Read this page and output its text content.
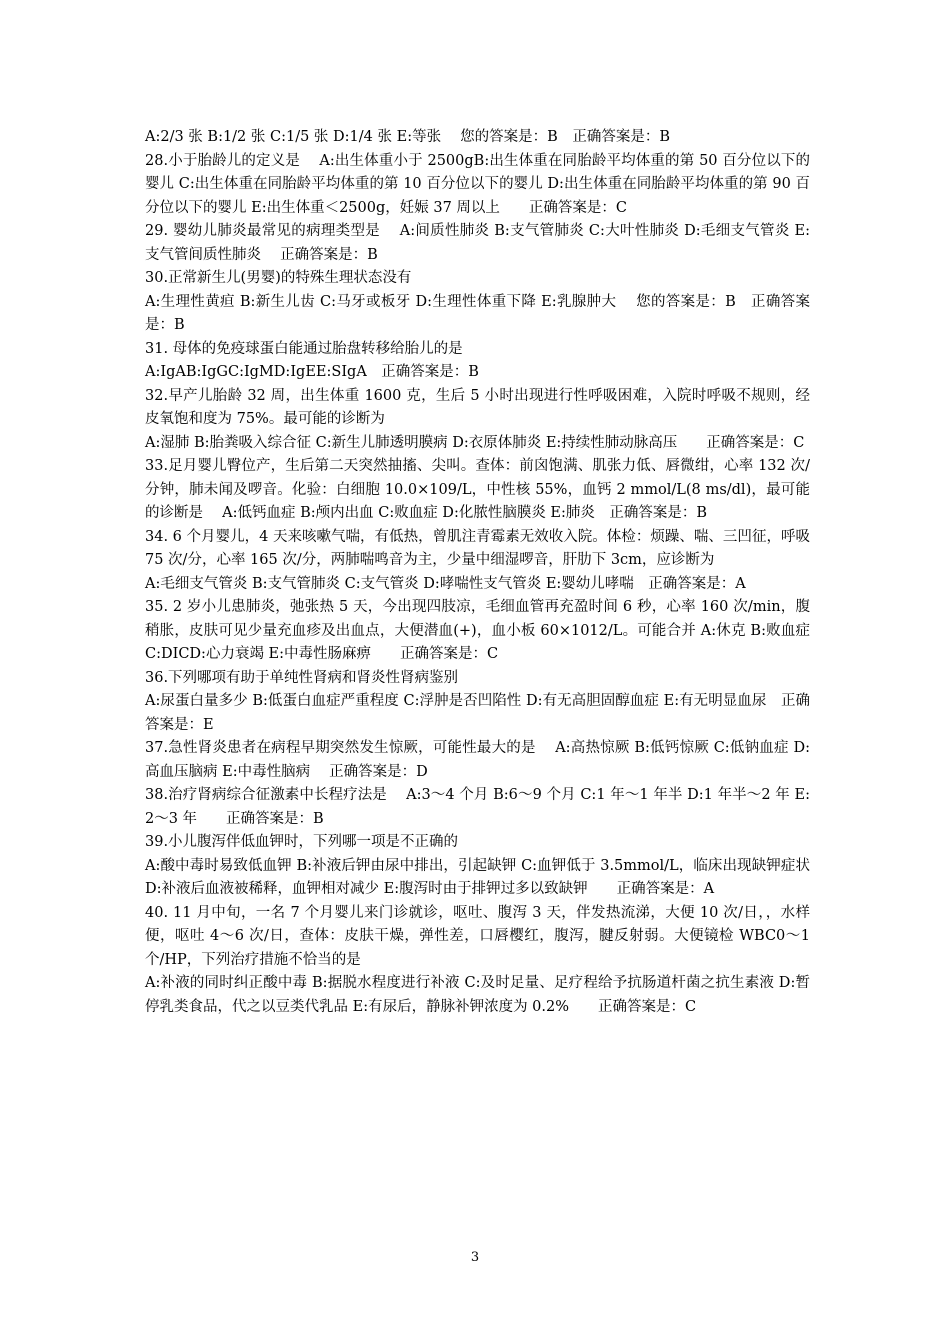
A:2/3 张 B:1/2 张 C:1/5 张 D:1/4 张 E:等张　 您的答案是：B　正确答案是：B

28.小于胎龄儿的定义是　 A:出生体重小于 2500gB:出生体重在同胎龄平均体重的第 50 百分位以下的婴儿 C:出生体重在同胎龄平均体重的第 10 百分位以下的婴儿 D:出生体重在同胎龄平均体重的第 90 百分位以下的婴儿 E:出生体重＜2500g，妊娠 37 周以上　　正确答案是：C

29. 婴幼儿肺炎最常见的病理类型是　 A:间质性肺炎 B:支气管肺炎 C:大叶性肺炎 D:毛细支气管炎 E:支气管间质性肺炎　 正确答案是：B

30.正常新生儿(男婴)的特殊生理状态没有

A:生理性黄疸 B:新生儿齿 C:马牙或板牙 D:生理性体重下降 E:乳腺肿大　 您的答案是：B　正确答案是：B

31. 母体的免疫球蛋白能通过胎盘转移给胎儿的是

A:IgAB:IgGC:IgMD:IgEE:SIgA　正确答案是：B

32.早产儿胎龄 32 周，出生体重 1600 克，生后 5 小时出现进行性呼吸困难，入院时呼吸不规则，经皮氧饱和度为 75%。最可能的诊断为

A:湿肺 B:胎粪吸入综合征 C:新生儿肺透明膜病 D:衣原体肺炎 E:持续性肺动脉高压　　正确答案是：C

33.足月婴儿臀位产，生后第二天突然抽搐、尖叫。查体：前囟饱满、肌张力低、唇微绀，心率 132 次/分钟，肺未闻及啰音。化验：白细胞 10.0×109/L，中性核 55%，血钙 2 mmol/L(8 ms/dl)，最可能的诊断是　 A:低钙血症 B:颅内出血 C:败血症 D:化脓性脑膜炎 E:肺炎　正确答案是：B

34. 6 个月婴儿，4 天来咳嗽气喘，有低热，曾肌注青霉素无效收入院。体检：烦躁、喘、三凹征，呼吸 75 次/分，心率 165 次/分，两肺喘鸣音为主，少量中细湿啰音，肝肋下 3cm，应诊断为

A:毛细支气管炎 B:支气管肺炎 C:支气管炎 D:哮喘性支气管炎 E:婴幼儿哮喘　正确答案是：A

35. 2 岁小儿患肺炎，弛张热 5 天，今出现四肢凉，毛细血管再充盈时间 6 秒，心率 160 次/min，腹稍胀，皮肤可见少量充血疹及出血点，大便潜血(+)，血小板 60×1012/L。可能合并 A:休克 B:败血症 C:DICD:心力衰竭 E:中毒性肠麻痹　　正确答案是：C

36.下列哪项有助于单纯性肾病和肾炎性肾病鉴别

A:尿蛋白量多少 B:低蛋白血症严重程度 C:浮肿是否凹陷性 D:有无高胆固醇血症 E:有无明显血尿　正确答案是：E

37.急性肾炎患者在病程早期突然发生惊厥，可能性最大的是　 A:高热惊厥 B:低钙惊厥 C:低钠血症 D:高血压脑病 E:中毒性脑病　 正确答案是：D

38.治疗肾病综合征激素中长程疗法是　 A:3～4 个月 B:6～9 个月 C:1 年～1 年半 D:1 年半～2 年 E:2～3 年　　正确答案是：B

39.小儿腹泻伴低血钾时，下列哪一项是不正确的

A:酸中毒时易致低血钾 B:补液后钾由尿中排出，引起缺钾 C:血钾低于 3.5mmol/L，临床出现缺钾症状 D:补液后血液被稀释，血钾相对减少 E:腹泻时由于排钾过多以致缺钾　　正确答案是：A

40. 11 月中旬，一名 7 个月婴儿来门诊就诊，呕吐、腹泻 3 天，伴发热流涕，大便 10 次/日，，水样便，呕吐 4～6 次/日，查体：皮肤干燥，弹性差，口唇樱红，腹泻，腱反射弱。大便镜检 WBC0～1 个/HP，下列治疗措施不恰当的是

A:补液的同时纠正酸中毒 B:据脱水程度进行补液 C:及时足量、足疗程给予抗肠道杆菌之抗生素液 D:暂停乳类食品，代之以豆类代乳品 E:有尿后，静脉补钾浓度为 0.2%　　正确答案是：C

3
